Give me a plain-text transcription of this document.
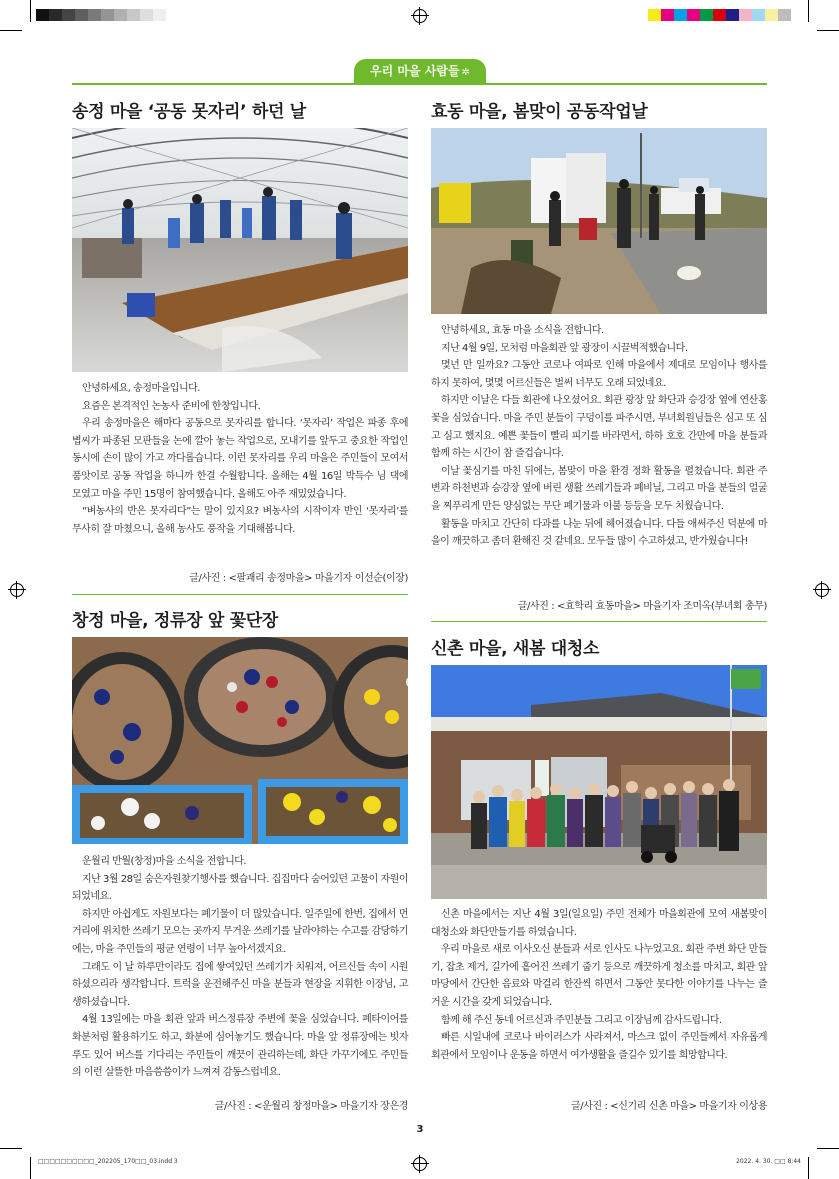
우리 마을 사람들 ✲
송정 마을 ‘공동 못자리’ 하던 날

안녕하세요, 송정마을입니다.

요즘은 본격적인 논농사 준비에 한창입니다.

우리 송정마을은 해마다 공동으로 못자리를 합니다. ‘못자리’ 작업은 파종 후에 볍씨가 파종된 모판들을 논에 깔아 놓는 작업으로, 모내기를 앞두고 중요한 작업인 동시에 손이 많이 가고 까다롭습니다. 이런 못자리를 우리 마을은 주민들이 모여서 품앗이로 공동 작업을 하니까 한결 수월합니다. 올해는 4월 16일 박득수 님 댁에 모였고 마을 주민 15명이 참여했습니다. 올해도 아주 재밌었습니다.

“벼농사의 반은 못자리다”는 말이 있지요? 벼농사의 시작이자 반인 ‘못자리’를 무사히 잘 마쳤으니, 올해 농사도 풍작을 기대해봅니다.

글/사진 : <팔괘리 송정마을> 마을기자 이선순(이장)
효동 마을, 봄맞이 공동작업날

안녕하세요, 효동 마을 소식을 전합니다.

지난 4월 9일, 모처럼 마을회관 앞 광장이 시끌벅적했습니다.

몇년 만 일까요? 그동안 코로나 여파로 인해 마을에서 제대로 모임이나 행사를 하지 못하여, 몇몇 어르신들은 벌써 너무도 오래 되었네요.

하지만 이날은 다들 회관에 나오셨어요. 회관 광장 앞 화단과 승강장 옆에 연산홍 꽃을 심었습니다. 마을 주민 분들이 구덩이를 파주시면, 부녀회원님들은 심고 또 심고 심고 했지요. 예쁜 꽃들이 빨리 피기를 바라면서, 하하 호호 간만에 마을 분들과 함께 하는 시간이 참 즐겁습니다.

이날 꽃심기를 마친 뒤에는, 봄맞이 마을 환경 정화 활동을 펼쳤습니다. 회관 주변과 하천변과 승강장 옆에 버린 생활 쓰레기들과 폐비닐, 그리고 마을 분들의 얼굴을 찌푸리게 만든 양심없는 무단 폐기물과 이불 등등을 모두 치웠습니다.

활동을 마치고 간단히 다과를 나눈 뒤에 헤어졌습니다. 다들 애써주신 덕분에 마을이 깨끗하고 좀더 환해진 것 같네요. 모두들 많이 수고하셨고, 반가웠습니다!

글/사진 : <효학리 효동마을> 마을기자 조미옥(부녀회 총무)
창정 마을, 정류장 앞 꽃단장

운월리 반월(창정)마을 소식을 전합니다.

지난 3월 28일 숨은자원찾기행사를 했습니다. 집집마다 숨어있던 고물이 자원이 되었네요.

하지만 아쉽게도 자원보다는 폐기물이 더 많았습니다. 일주일에 한번, 집에서 먼 거리에 위치한 쓰레기 모으는 곳까지 무거운 쓰레기를 날라야하는 수고를 감당하기에는, 마을 주민들의 평균 연령이 너무 높아서겠지요.

그래도 이 날 하루만이라도 집에 쌓여있던 쓰레기가 치워져, 어르신들 속이 시원하셨으리라 생각합니다. 트럭을 운전해주신 마을 분들과 현장을 지휘한 이장님, 고생하셨습니다.

4월 13일에는 마을 회관 앞과 버스정류장 주변에 꽃을 심었습니다. 폐타이어를 화분처럼 활용하기도 하고, 화분에 심어놓기도 했습니다. 마을 앞 정류장에는 빗자루도 있어 버스를 기다리는 주민들이 깨끗이 관리하는데, 화단 가꾸기에도 주민들의 이런 살뜰한 마음씀씀이가 느껴져 감동스럽네요.

글/사진 : <운월리 창정마을> 마을기자 장은경
신촌 마을, 새봄 대청소

신촌 마을에서는 지난 4월 3일(일요일) 주민 전체가 마을회관에 모여 새봄맞이 대청소와 화단만들기를 하였습니다.

우리 마을로 새로 이사오신 분들과 서로 인사도 나누었고요. 회관 주변 화단 만들기, 잡초 제거, 길가에 흩어진 쓰레기 줍기 등으로 깨끗하게 청소를 마치고, 회관 앞마당에서 간단한 음료와 막걸리 한잔씩 하면서 그동안 못다한 이야기를 나누는 즐거운 시간을 갖게 되었습니다.

함께 해 주신 동네 어르신과 주민분들 그리고 이장님께 감사드립니다.

빠른 시일내에 코로나 바이러스가 사라져서, 마스크 없이 주민들께서 자유롭게 회관에서 모임이나 운동을 하면서 여가생활을 즐길수 있기를 희망합니다.

글/사진 : <신기리 신촌 마을> 마을기자 이상용
3
□□□□□□□□□□_202205_170□□_03.indd 3	2022. 4. 30. □□ 8:44
